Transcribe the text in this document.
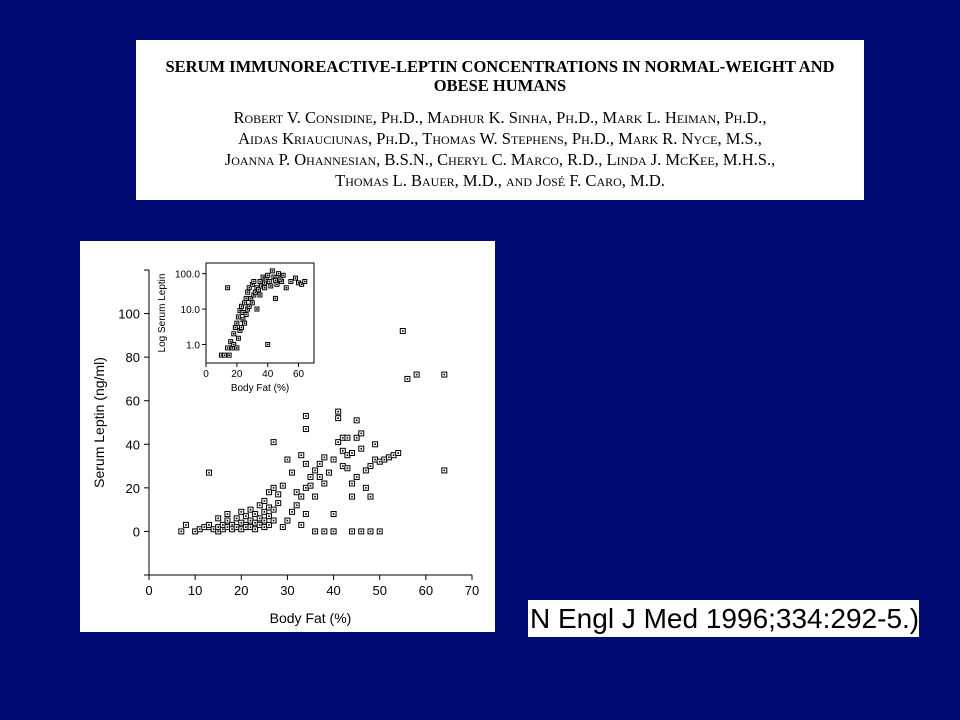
SERUM IMMUNOREACTIVE-LEPTIN CONCENTRATIONS IN NORMAL-WEIGHT AND OBESE HUMANS
Robert V. Considine, Ph.D., Madhur K. Sinha, Ph.D., Mark L. Heiman, Ph.D.,
Aidas Kriauciunas, Ph.D., Thomas W. Stephens, Ph.D., Mark R. Nyce, M.S.,
Joanna P. Ohannesian, B.S.N., Cheryl C. Marco, R.D., Linda J. McKee, M.H.S.,
Thomas L. Bauer, M.D., and José F. Caro, M.D.
0	10 20 30 40 50 60 70
0
20
40
60
80
100
Body Fat (%)
Serum Leptin (ng/ml)	0 20 40 60
1.0
10.0
100.0
Body Fat (%)
Log Serum Leptin
N Engl J Med 1996;334:292-5.)
